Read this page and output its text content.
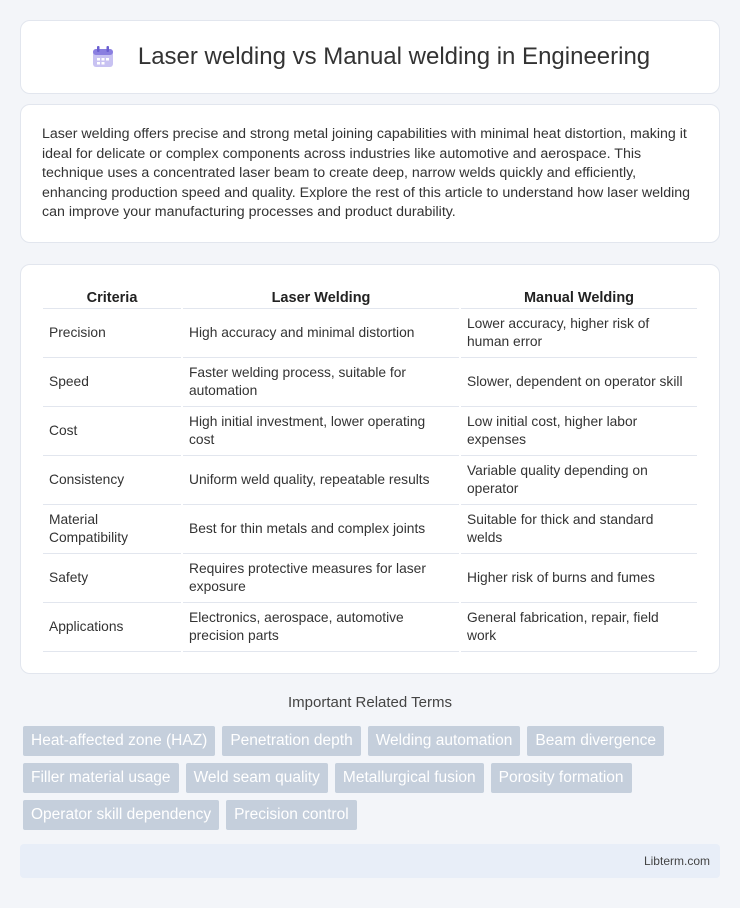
Laser welding vs Manual welding in Engineering

Laser welding offers precise and strong metal joining capabilities with minimal heat distortion, making it ideal for delicate or complex components across industries like automotive and aerospace. This technique uses a concentrated laser beam to create deep, narrow welds quickly and efficiently, enhancing production speed and quality. Explore the rest of this article to understand how laser welding can improve your manufacturing processes and product durability.

Criteria	Laser Welding	Manual Welding
Precision	High accuracy and minimal distortion	Lower accuracy, higher risk of human error
Speed	Faster welding process, suitable for automation	Slower, dependent on operator skill
Cost	High initial investment, lower operating cost	Low initial cost, higher labor expenses
Consistency	Uniform weld quality, repeatable results	Variable quality depending on operator
Material Compatibility	Best for thin metals and complex joints	Suitable for thick and standard welds
Safety	Requires protective measures for laser exposure	Higher risk of burns and fumes
Applications	Electronics, aerospace, automotive precision parts	General fabrication, repair, field work
Important Related Terms
Heat-affected zone (HAZ)	Penetration depth	Welding automation	Beam divergence
Filler material usage	Weld seam quality	Metallurgical fusion	Porosity formation
Operator skill dependency	Precision control
Libterm.com
